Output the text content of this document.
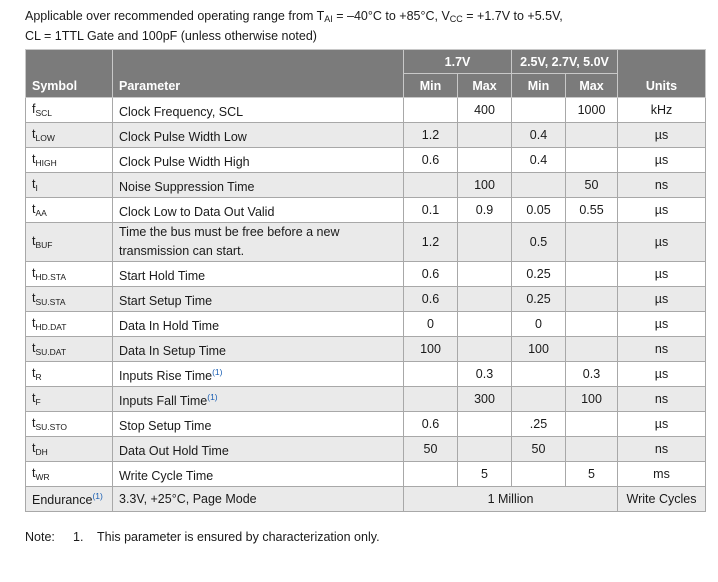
Applicable over recommended operating range from $T_{AI} = -40^\circ C$ to +85°C, $V_{CC} = +1.7V$ to +5.5V,
CL = 1TTL Gate and 100pF (unless otherwise noted)
Symbol	Parameter	1.7V		2.5V, 2.7V, 5.0V		Units
		Min	Max	Min	Max	
$f_{SCL}$	Clock Frequency, SCL		400		1000	kHz
$t_{LOW}$	Clock Pulse Width Low	1.2		0.4		µs
$t_{HIGH}$	Clock Pulse Width High	0.6		0.4		µs
$t_I$	Noise Suppression Time		100		50	ns
$t_{AA}$	Clock Low to Data Out Valid	0.1	0.9	0.05	0.55	µs
$t_{BUF}$	Time the bus must be free before a new transmission can start.	1.2		0.5		µs
$t_{HD.STA}$	Start Hold Time	0.6		0.25		µs
$t_{SU.STA}$	Start Setup Time	0.6		0.25		µs
$t_{HD.DAT}$	Data In Hold Time	0		0		µs
$t_{SU.DAT}$	Data In Setup Time	100		100		ns
$t_R$	Inputs Rise Time$^{(1)}$		0.3		0.3	µs
$t_F$	Inputs Fall Time$^{(1)}$		300		100	ns
$t_{SU.STO}$	Stop Setup Time	0.6		.25		µs
$t_{DH}$	Data Out Hold Time	50		50		ns
$t_{WR}$	Write Cycle Time		5		5	ms
Endurance$^{(1)}$	3.3V, +25°C, Page Mode	1 Million				Write Cycles
Note: 1. This parameter is ensured by characterization only.
